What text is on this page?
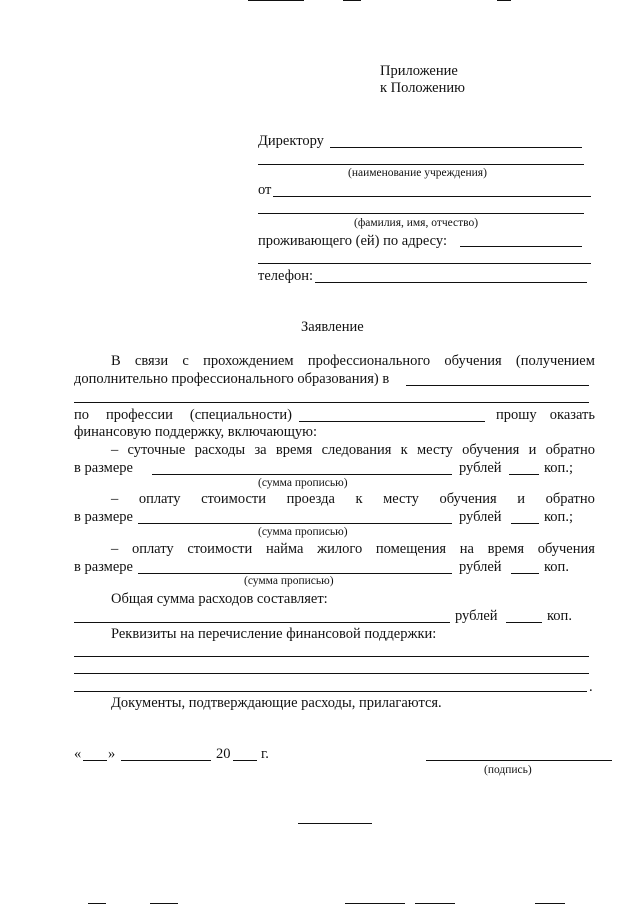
Приложение
к Положению
Директору
(наименование учреждения)
от
(фамилия, имя, отчество)
проживающего (ей) по адресу:
телефон:
Заявление
В связи с прохождением профессионального обучения (получением
дополнительно профессионального образования) в
по профессии (специальности)	прошу оказать
финансовую поддержку, включающую:
– суточные расходы за время следования к месту обучения и обратно
в размере	рублей	коп.;
(сумма прописью)
– оплату стоимости проезда к месту обучения и обратно
в размере	рублей	коп.;
(сумма прописью)
– оплату стоимости найма жилого помещения на время обучения
в размере	рублей	коп.
(сумма прописью)
Общая сумма расходов составляет:
рублей	коп.
Реквизиты на перечисление финансовой поддержки:
.
Документы, подтверждающие расходы, прилагаются.
« »	20 г.
(подпись)
